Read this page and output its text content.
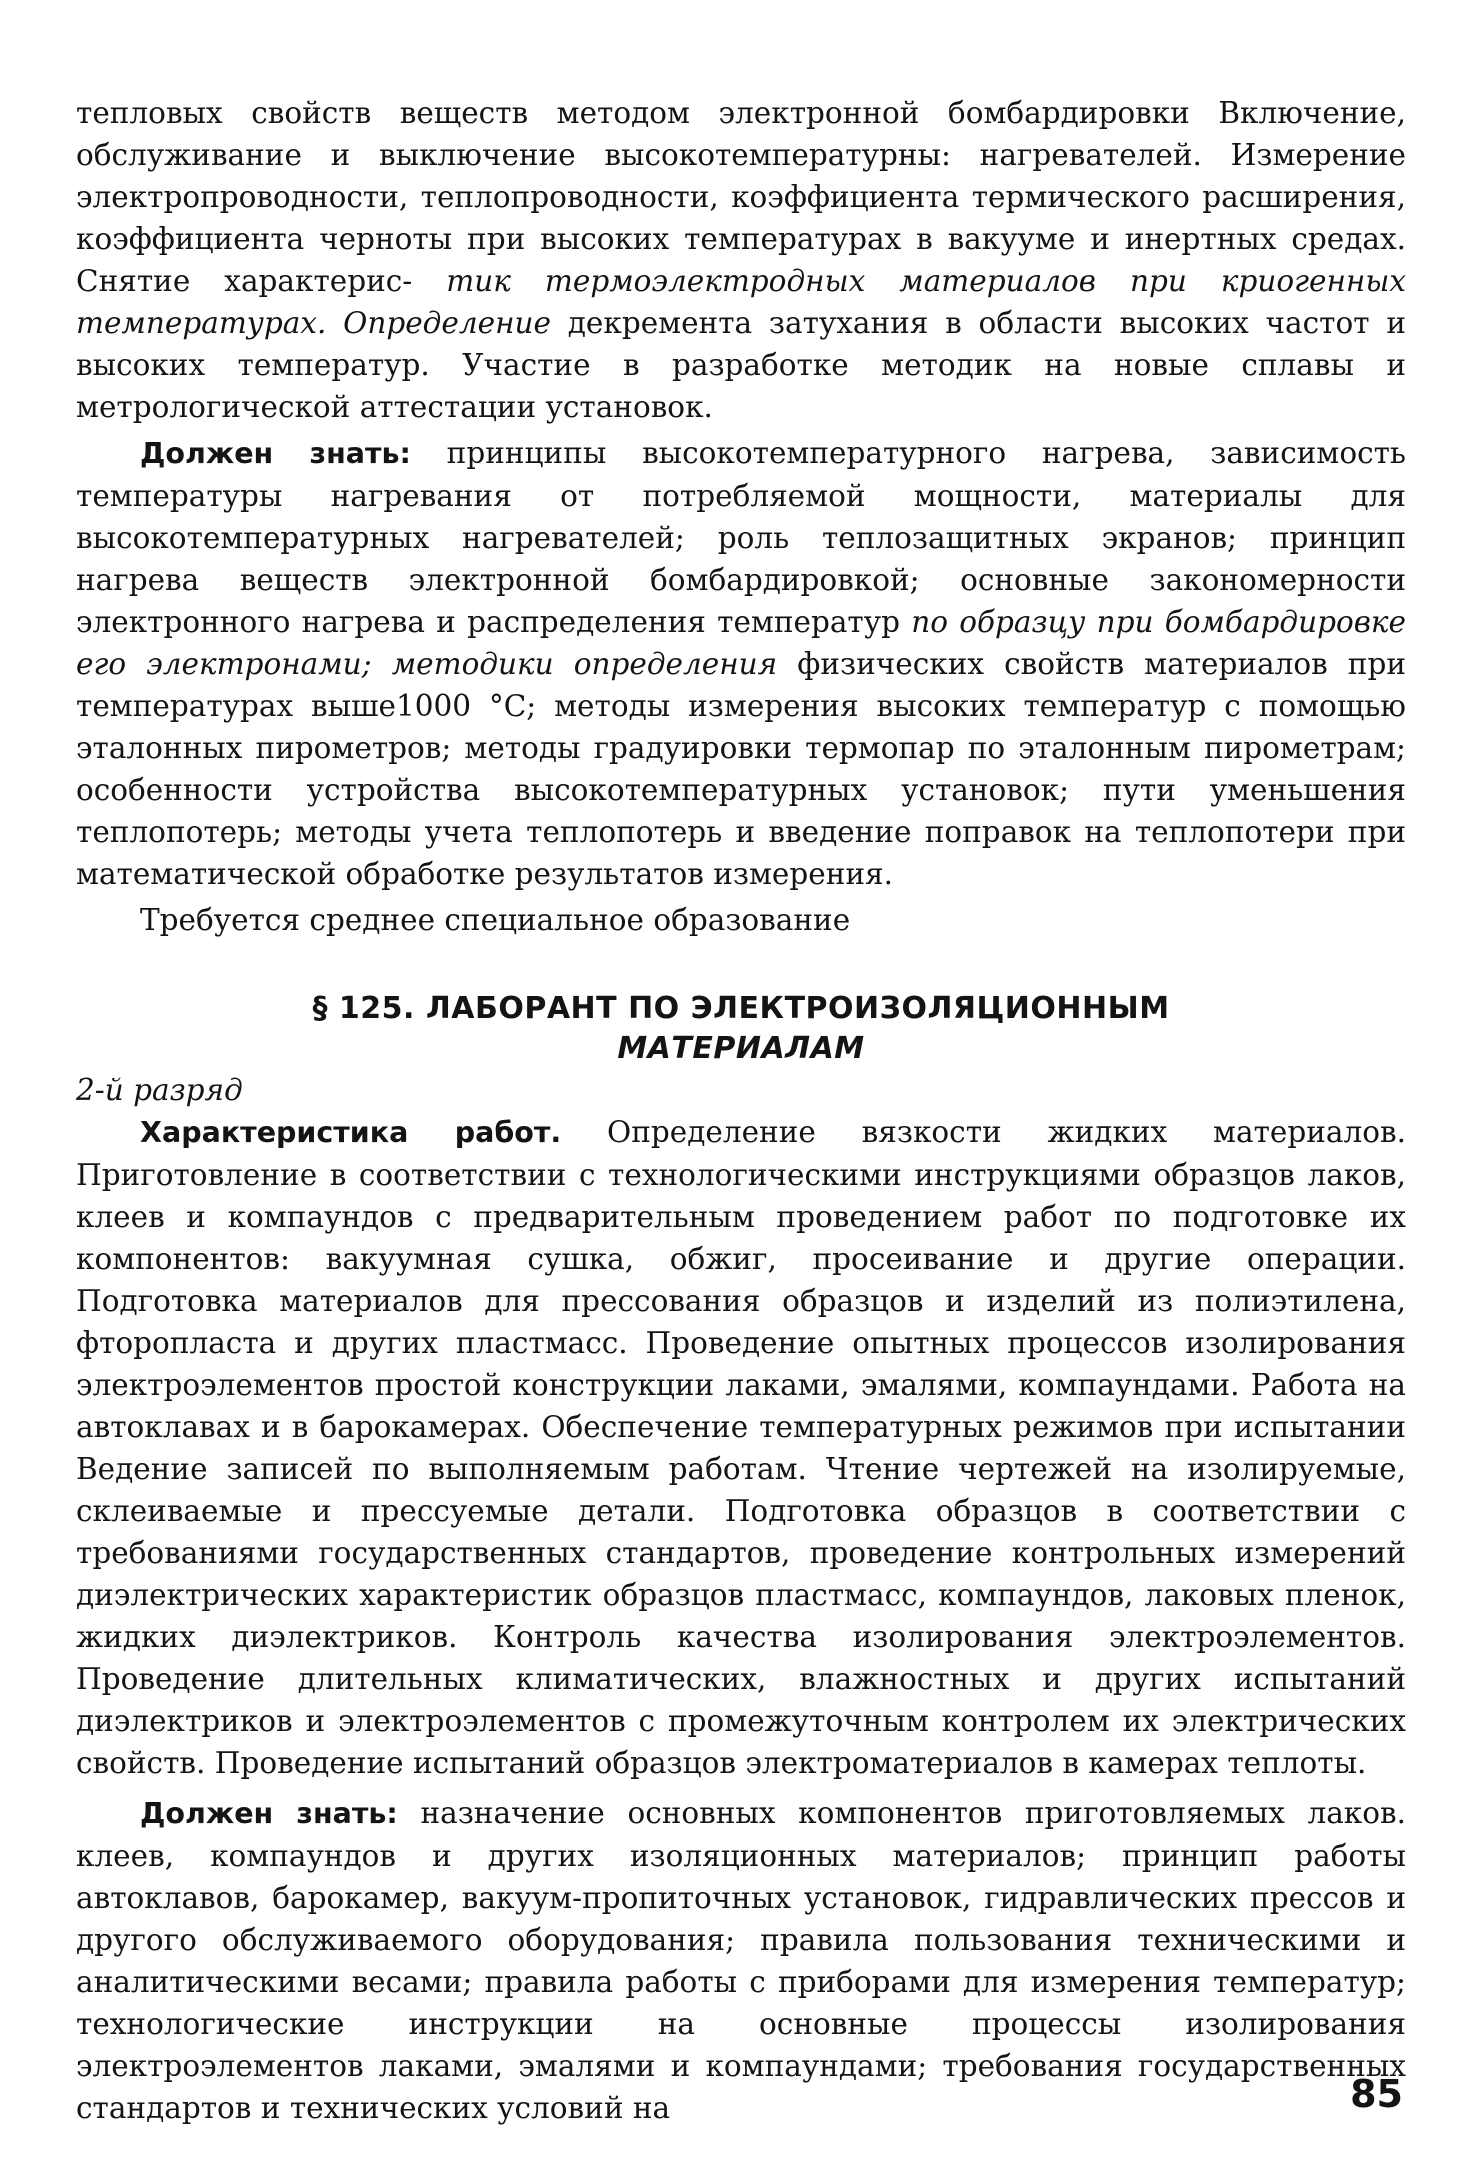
тепловых свойств веществ методом электронной бомбардировки Включение, обслуживание и выключение высокотемпературны: нагревателей. Измерение электропроводности, теплопроводности, коэффициента термического расширения, коэффициента черноты при высоких температурах в вакууме и инертных средах. Снятие характерис- тик термоэлектродных материалов при криогенных температурах. Определение декремента затухания в области высоких частот и высоких температур. Участие в разработке методик на новые сплавы и метрологической аттестации установок.

Должен знать: принципы высокотемпературного нагрева, зависимость температуры нагревания от потребляемой мощности, материалы для высокотемпературных нагревателей; роль теплозащитных экранов; принцип нагрева веществ электронной бомбардировкой; основные закономерности электронного нагрева и распределения температур по образцу при бомбардировке его электронами; методики определения физических свойств материалов при температурах выше1000 °С; методы измерения высоких температур с помощью эталонных пирометров; методы градуировки термопар по эталонным пирометрам; особенности устройства высокотемпературных установок; пути уменьшения теплопотерь; методы учета теплопотерь и введение поправок на теплопотери при математической обработке результатов измерения.

Требуется среднее специальное образование

§ 125. ЛАБОРАНТ ПО ЭЛЕКТРОИЗОЛЯЦИОННЫМ
МАТЕРИАЛАМ

2-й разряд

Характеристика работ. Определение вязкости жидких материалов. Приготовление в соответствии с технологическими инструкциями образцов лаков, клеев и компаундов с предварительным проведением работ по подготовке их компонентов: вакуумная сушка, обжиг, просеивание и другие операции. Подготовка материалов для прессования образцов и изделий из полиэтилена, фторопласта и других пластмасс. Проведение опытных процессов изолирования электроэлементов простой конструкции лаками, эмалями, компаундами. Работа на автоклавах и в барокамерах. Обеспечение температурных режимов при испытании Ведение записей по выполняемым работам. Чтение чертежей на изолируемые, склеиваемые и прессуемые детали. Подготовка образцов в соответствии с требованиями государственных стандартов, проведение контрольных измерений диэлектрических характеристик образцов пластмасс, компаундов, лаковых пленок, жидких диэлектриков. Контроль качества изолирования электроэлементов. Проведение длительных климатических, влажностных и других испытаний диэлектриков и электроэлементов с промежуточным контролем их электрических свойств. Проведение испытаний образцов электроматериалов в камерах теплоты.

Должен знать: назначение основных компонентов приготовляемых лаков. клеев, компаундов и других изоляционных материалов; принцип работы автоклавов, барокамер, вакуум-пропиточных установок, гидравлических прессов и другого обслуживаемого оборудования; правила пользования техническими и аналитическими весами; правила работы с приборами для измерения температур; технологические инструкции на основные процессы изолирования электроэлементов лаками, эмалями и компаундами; требования государственных стандартов и технических условий на	85
